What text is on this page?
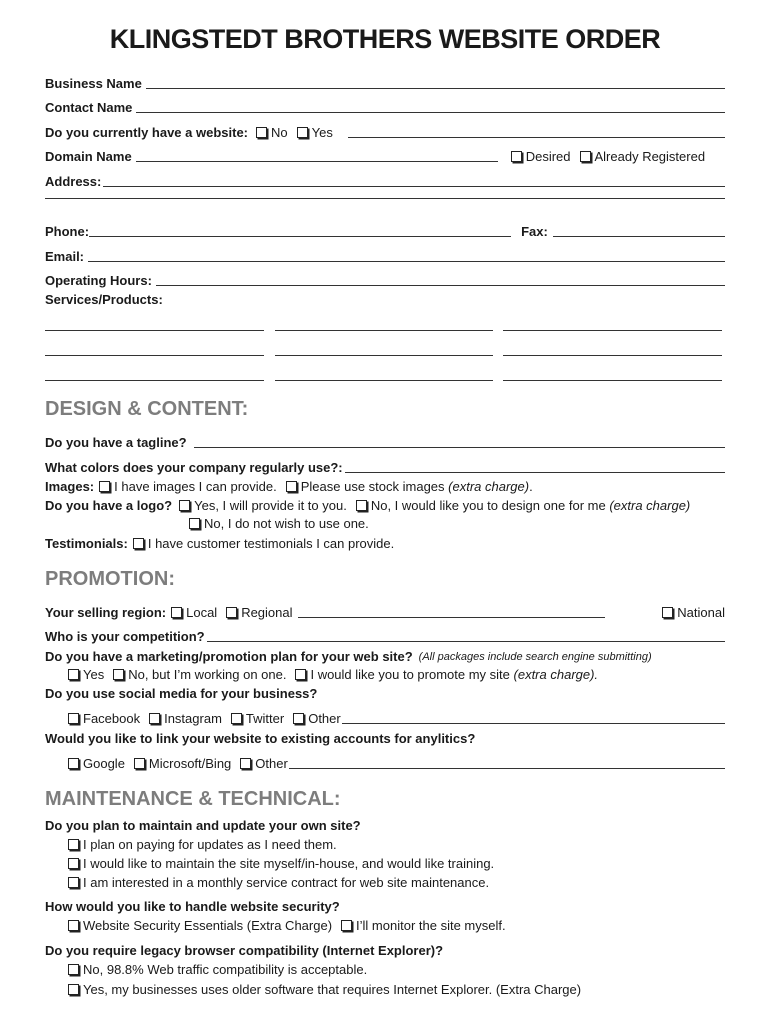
KLINGSTEDT BROTHERS WEBSITE ORDER
Business Name
Contact Name
Do you currently have a website:	No	Yes
Domain Name	Desired	Already Registered
Address:
Phone:	Fax:
Email:
Operating Hours:
Services/Products:
DESIGN & CONTENT:
Do you have a tagline?
What colors does your company regularly use?:
Images:	I have images I can provide.	Please use stock images (extra charge).
Do you have a logo?	Yes, I will provide it to you.	No, I would like you to design one for me (extra charge)
No, I do not wish to use one.
Testimonials:	I have customer testimonials I can provide.
PROMOTION:
Your selling region:	Local	Regional	National
Who is your competition?
Do you have a marketing/promotion plan for your web site? (All packages include search engine submitting)
Yes	No, but I’m working on one.	I would like you to promote my site (extra charge).
Do you use social media for your business?
Facebook	Instagram	Twitter	Other
Would you like to link your website to existing accounts for anylitics?
Google	Microsoft/Bing	Other
MAINTENANCE & TECHNICAL:
Do you plan to maintain and update your own site?
I plan on paying for updates as I need them.
I would like to maintain the site myself/in-house, and would like training.
I am interested in a monthly service contract for web site maintenance.
How would you like to handle website security?
Website Security Essentials (Extra Charge)	I’ll monitor the site myself.
Do you require legacy browser compatibility (Internet Explorer)?
No, 98.8% Web traffic compatibility is acceptable.
Yes, my businesses uses older software that requires Internet Explorer. (Extra Charge)
